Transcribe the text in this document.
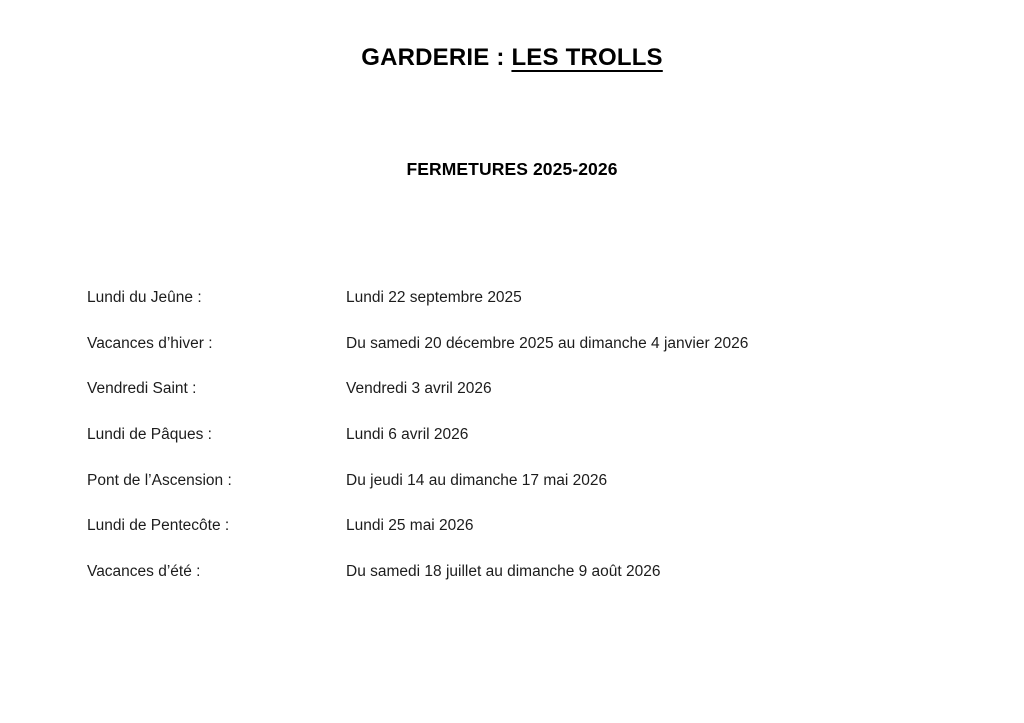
GARDERIE : LES TROLLS
FERMETURES 2025-2026
Lundi du Jeûne :	Lundi 22 septembre 2025
Vacances d’hiver :	Du samedi 20 décembre 2025 au dimanche 4 janvier 2026
Vendredi Saint :	Vendredi 3 avril 2026
Lundi de Pâques :	Lundi 6 avril 2026
Pont de l’Ascension :	Du jeudi 14 au dimanche 17 mai 2026
Lundi de Pentecôte :	Lundi 25 mai 2026
Vacances d’été :	Du samedi 18 juillet au dimanche 9 août 2026
